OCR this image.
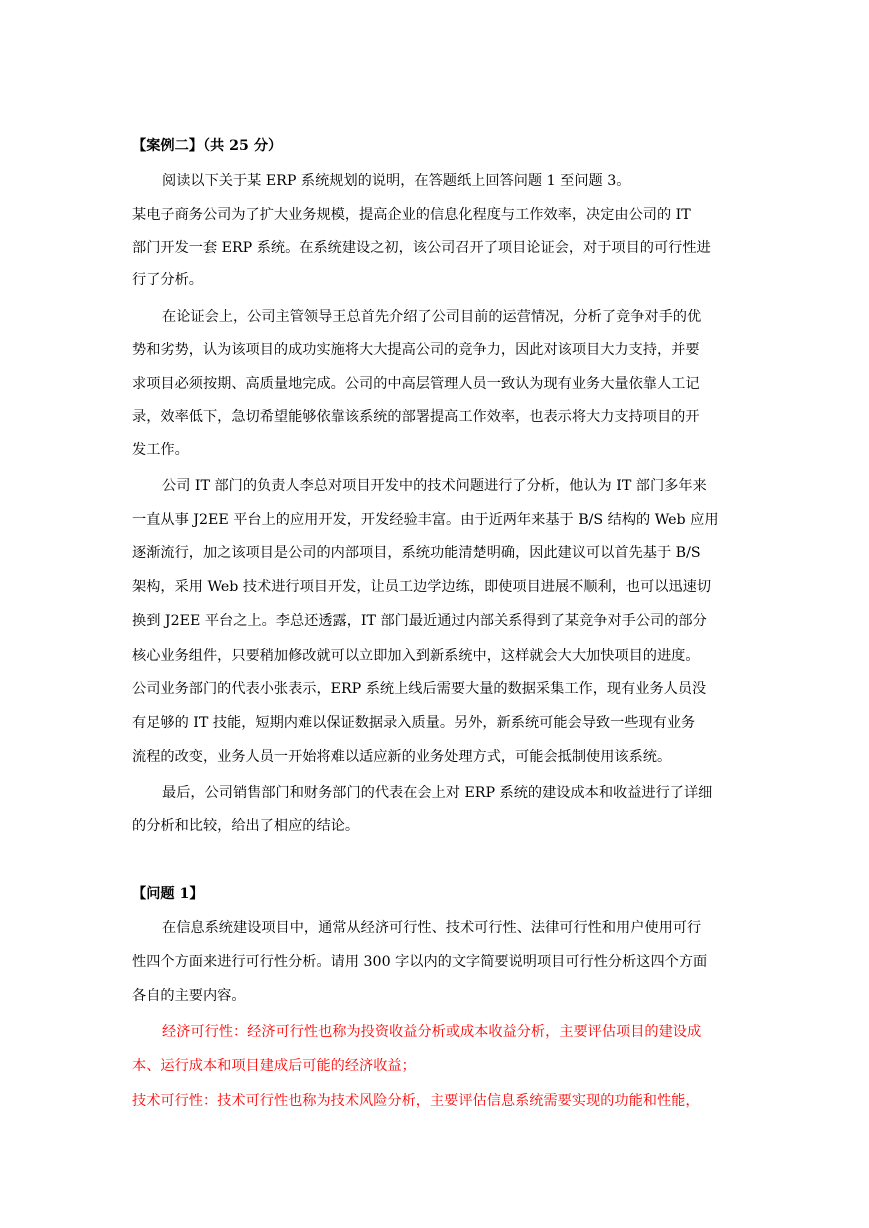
【案例二】（共 25 分）
阅读以下关于某 ERP 系统规划的说明，在答题纸上回答问题 1 至问题 3。
某电子商务公司为了扩大业务规模，提高企业的信息化程度与工作效率，决定由公司的 IT
部门开发一套 ERP 系统。在系统建设之初，该公司召开了项目论证会，对于项目的可行性进
行了分析。
在论证会上，公司主管领导王总首先介绍了公司目前的运营情况，分析了竞争对手的优
势和劣势，认为该项目的成功实施将大大提高公司的竞争力，因此对该项目大力支持，并要
求项目必须按期、高质量地完成。公司的中高层管理人员一致认为现有业务大量依靠人工记
录，效率低下，急切希望能够依靠该系统的部署提高工作效率，也表示将大力支持项目的开
发工作。
公司 IT 部门的负责人李总对项目开发中的技术问题进行了分析，他认为 IT 部门多年来
一直从事 J2EE 平台上的应用开发，开发经验丰富。由于近两年来基于 B/S 结构的 Web 应用
逐渐流行，加之该项目是公司的内部项目，系统功能清楚明确，因此建议可以首先基于 B/S
架构，采用 Web 技术进行项目开发，让员工边学边练，即使项目进展不顺利，也可以迅速切
换到 J2EE 平台之上。李总还透露，IT 部门最近通过内部关系得到了某竞争对手公司的部分
核心业务组件，只要稍加修改就可以立即加入到新系统中，这样就会大大加快项目的进度。
公司业务部门的代表小张表示，ERP 系统上线后需要大量的数据采集工作，现有业务人员没
有足够的 IT 技能，短期内难以保证数据录入质量。另外，新系统可能会导致一些现有业务
流程的改变，业务人员一开始将难以适应新的业务处理方式，可能会抵制使用该系统。
最后，公司销售部门和财务部门的代表在会上对 ERP 系统的建设成本和收益进行了详细
的分析和比较，给出了相应的结论。
【问题 1】
在信息系统建设项目中，通常从经济可行性、技术可行性、法律可行性和用户使用可行
性四个方面来进行可行性分析。请用 300 字以内的文字简要说明项目可行性分析这四个方面
各自的主要内容。
经济可行性：经济可行性也称为投资收益分析或成本收益分析，主要评估项目的建设成
本、运行成本和项目建成后可能的经济收益；
技术可行性：技术可行性也称为技术风险分析，主要评估信息系统需要实现的功能和性能，
